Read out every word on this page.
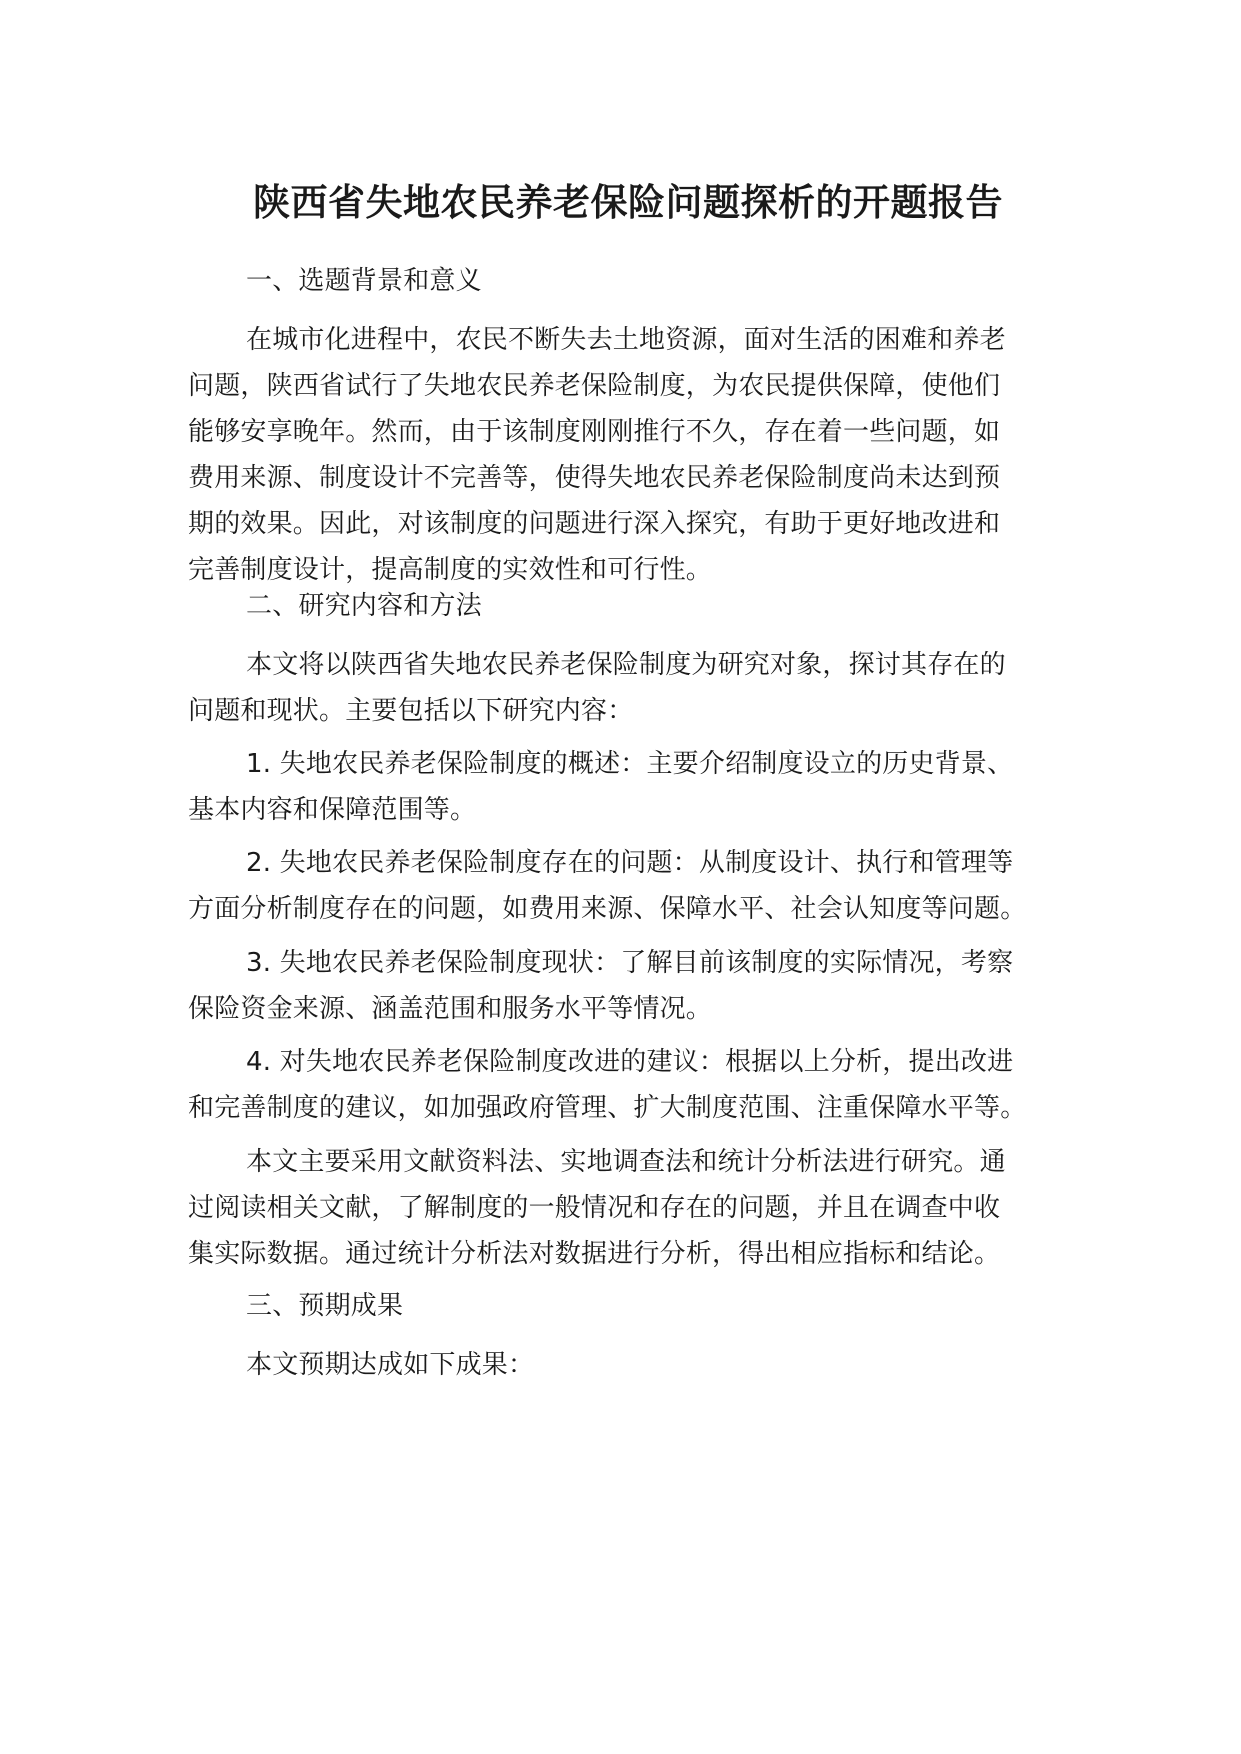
陕西省失地农民养老保险问题探析的开题报告
一、选题背景和意义
在城市化进程中，农民不断失去土地资源，面对生活的困难和养老
问题，陕西省试行了失地农民养老保险制度，为农民提供保障，使他们
能够安享晚年。然而，由于该制度刚刚推行不久，存在着一些问题，如
费用来源、制度设计不完善等，使得失地农民养老保险制度尚未达到预
期的效果。因此，对该制度的问题进行深入探究，有助于更好地改进和
完善制度设计，提高制度的实效性和可行性。
二、研究内容和方法
本文将以陕西省失地农民养老保险制度为研究对象，探讨其存在的
问题和现状。主要包括以下研究内容：
1. 失地农民养老保险制度的概述：主要介绍制度设立的历史背景、
基本内容和保障范围等。
2. 失地农民养老保险制度存在的问题：从制度设计、执行和管理等
方面分析制度存在的问题，如费用来源、保障水平、社会认知度等问题。
3. 失地农民养老保险制度现状：了解目前该制度的实际情况，考察
保险资金来源、涵盖范围和服务水平等情况。
4. 对失地农民养老保险制度改进的建议：根据以上分析，提出改进
和完善制度的建议，如加强政府管理、扩大制度范围、注重保障水平等。
本文主要采用文献资料法、实地调查法和统计分析法进行研究。通
过阅读相关文献，了解制度的一般情况和存在的问题，并且在调查中收
集实际数据。通过统计分析法对数据进行分析，得出相应指标和结论。
三、预期成果
本文预期达成如下成果：
